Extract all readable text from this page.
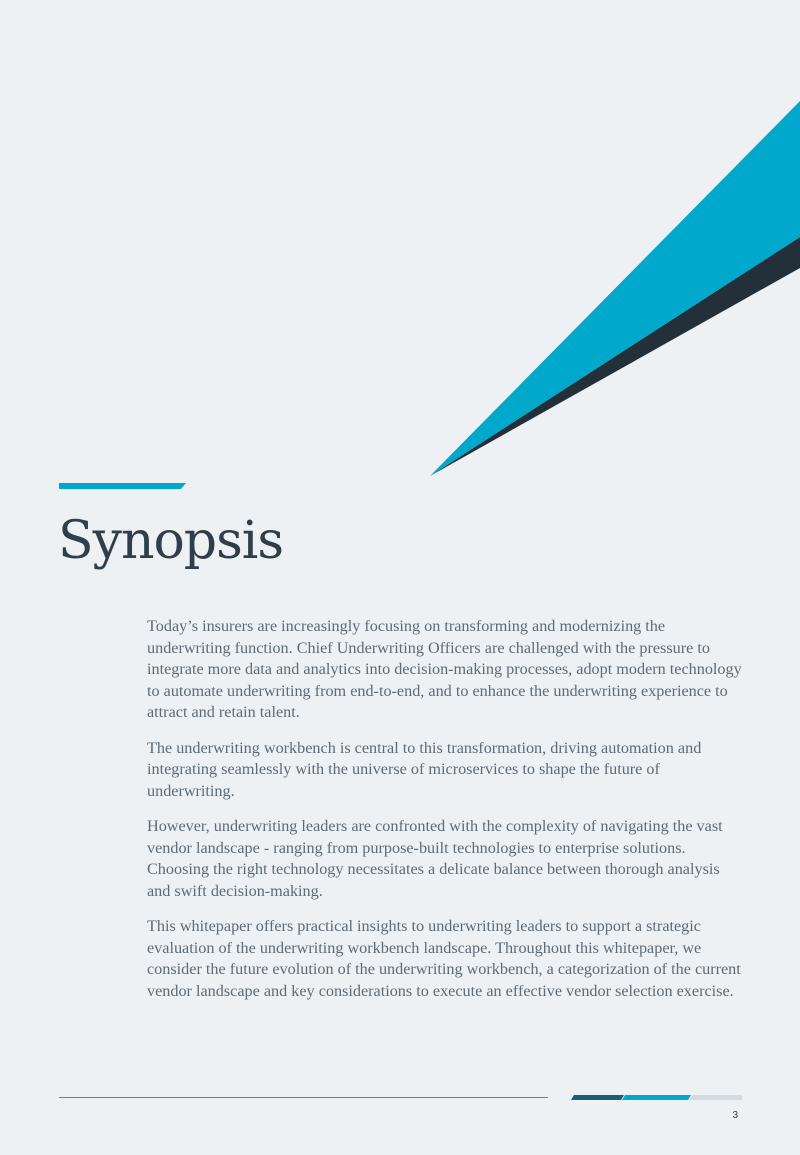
Synopsis

Today’s insurers are increasingly focusing on transforming and modernizing the underwriting function. Chief Underwriting Officers are challenged with the pressure to integrate more data and analytics into decision-making processes, adopt modern technology to automate underwriting from end-to-end, and to enhance the underwriting experience to attract and retain talent.

The underwriting workbench is central to this transformation, driving automation and integrating seamlessly with the universe of microservices to shape the future of underwriting.

However, underwriting leaders are confronted with the complexity of navigating the vast vendor landscape - ranging from purpose-built technologies to enterprise solutions. Choosing the right technology necessitates a delicate balance between thorough analysis and swift decision-making.

This whitepaper offers practical insights to underwriting leaders to support a strategic evaluation of the underwriting workbench landscape. Throughout this whitepaper, we consider the future evolution of the underwriting workbench, a categorization of the current vendor landscape and key considerations to execute an effective vendor selection exercise.

3
